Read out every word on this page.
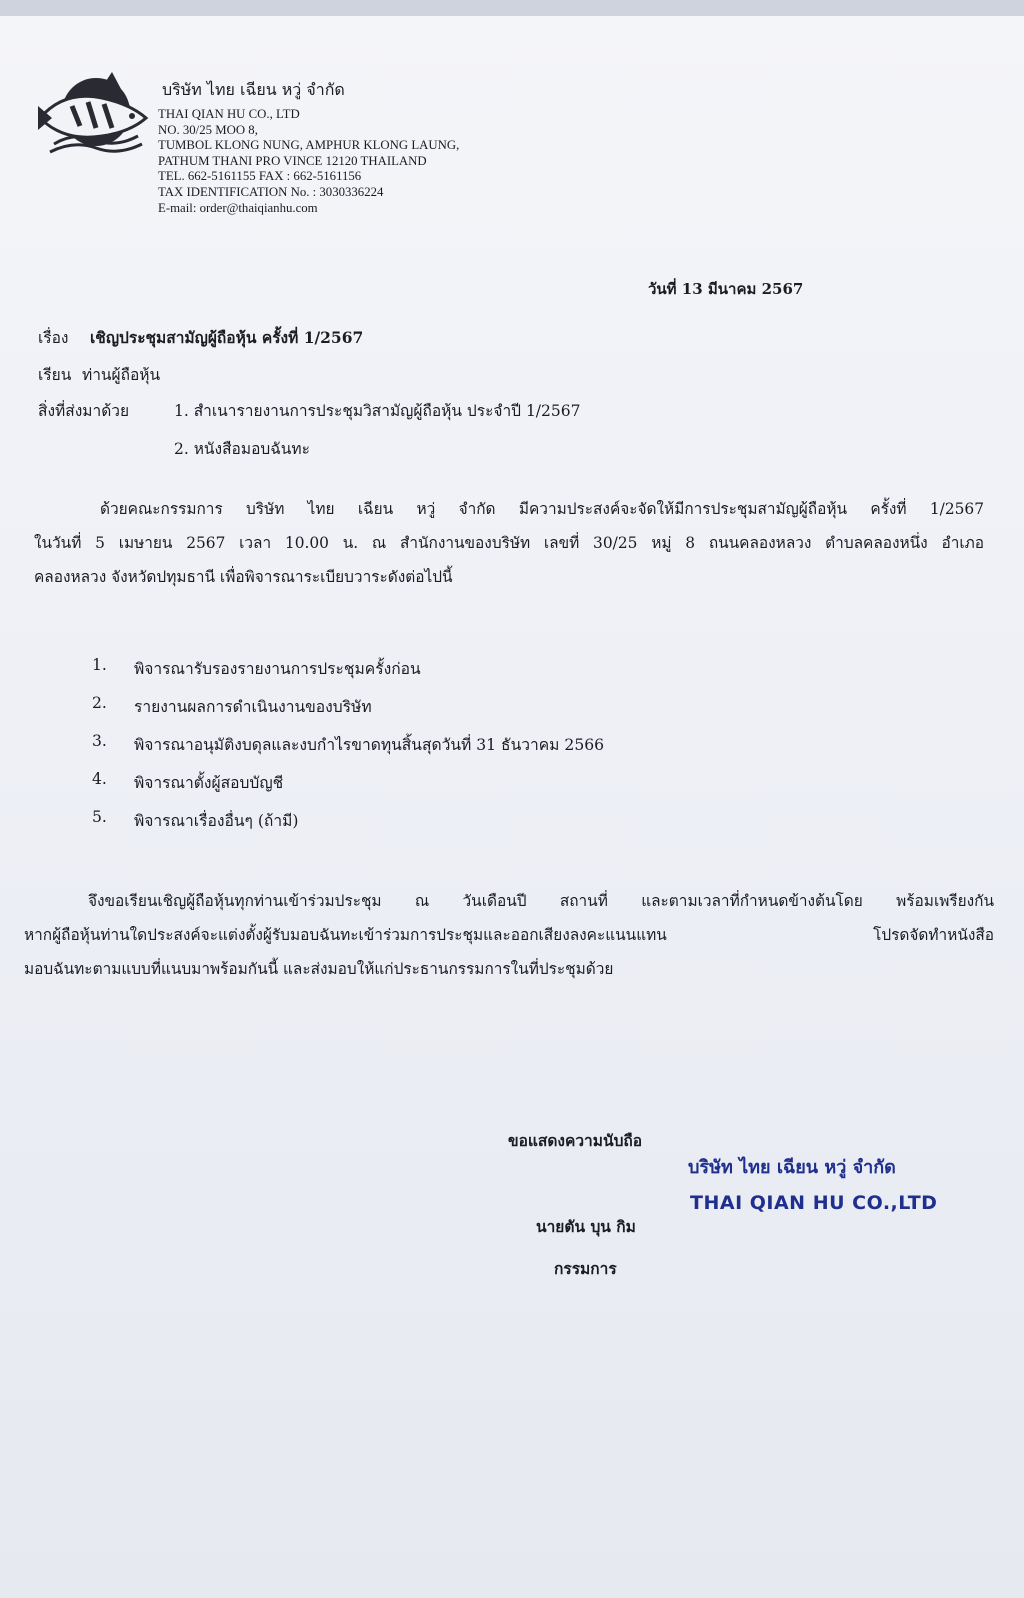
บริษัท ไทย เฉียน หวู่ จำกัด
THAI QIAN HU CO., LTD
NO. 30/25 MOO 8,
TUMBOL KLONG NUNG, AMPHUR KLONG LAUNG,
PATHUM THANI PRO VINCE 12120 THAILAND
TEL. 662-5161155 FAX : 662-5161156
TAX IDENTIFICATION No. : 3030336224
E-mail: order@thaiqianhu.com
วันที่ 13 มีนาคม 2567
เรื่อง เชิญประชุมสามัญผู้ถือหุ้น ครั้งที่ 1/2567
เรียน ท่านผู้ถือหุ้น
สิ่งที่ส่งมาด้วย	1. สำเนารายงานการประชุมวิสามัญผู้ถือหุ้น ประจำปี 1/2567
2. หนังสือมอบฉันทะ
ด้วยคณะกรรมการ บริษัท ไทย เฉียน หวู่ จำกัด มีความประสงค์จะจัดให้มีการประชุมสามัญผู้ถือหุ้น ครั้งที่ 1/2567
ในวันที่ 5 เมษายน 2567 เวลา 10.00 น. ณ สำนักงานของบริษัท เลขที่ 30/25 หมู่ 8 ถนนคลองหลวง ตำบลคลองหนึ่ง อำเภอ
คลองหลวง จังหวัดปทุมธานี เพื่อพิจารณาระเบียบวาระดังต่อไปนี้
1. พิจารณารับรองรายงานการประชุมครั้งก่อน
2. รายงานผลการดำเนินงานของบริษัท
3. พิจารณาอนุมัติงบดุลและงบกำไรขาดทุนสิ้นสุดวันที่ 31 ธันวาคม 2566
4. พิจารณาตั้งผู้สอบบัญชี
5. พิจารณาเรื่องอื่นๆ (ถ้ามี)
จึงขอเรียนเชิญผู้ถือหุ้นทุกท่านเข้าร่วมประชุม ณ วันเดือนปี สถานที่ และตามเวลาที่กำหนดข้างต้นโดย พร้อมเพรียงกัน
หากผู้ถือหุ้นท่านใดประสงค์จะแต่งตั้งผู้รับมอบฉันทะเข้าร่วมการประชุมและออกเสียงลงคะแนนแทน โปรดจัดทำหนังสือ
มอบฉันทะตามแบบที่แนบมาพร้อมกันนี้ และส่งมอบให้แก่ประธานกรรมการในที่ประชุมด้วย
ขอแสดงความนับถือ
บริษัท ไทย เฉียน หวู่ จำกัด
THAI QIAN HU CO.,LTD
นายตัน บุน กิม
กรรมการ
